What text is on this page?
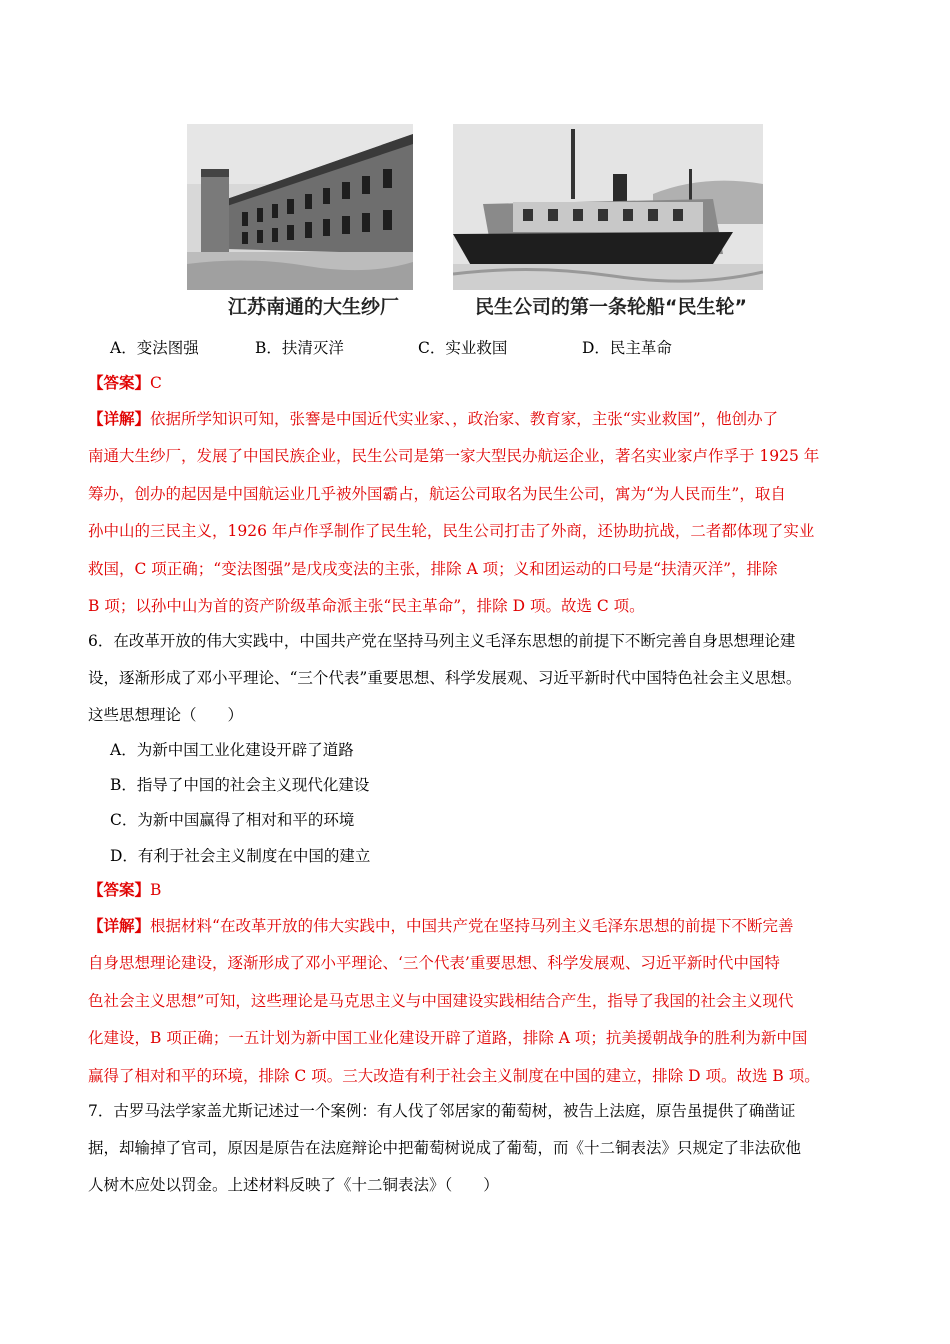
江苏南通的大生纱厂	民生公司的第一条轮船“民生轮”
A．变法图强	B．扶清灭洋	C．实业救国	D．民主革命
【答案】C
【详解】依据所学知识可知，张謇是中国近代实业家、，政治家、教育家，主张“实业救国”，他创办了
南通大生纱厂，发展了中国民族企业，民生公司是第一家大型民办航运企业，著名实业家卢作孚于 1925 年
筹办，创办的起因是中国航运业几乎被外国霸占，航运公司取名为民生公司，寓为“为人民而生”，取自
孙中山的三民主义，1926 年卢作孚制作了民生轮，民生公司打击了外商，还协助抗战，二者都体现了实业
救国，C 项正确；“变法图强”是戊戌变法的主张，排除 A 项；义和团运动的口号是“扶清灭洋”，排除
B 项；以孙中山为首的资产阶级革命派主张“民主革命”，排除 D 项。故选 C 项。
6．在改革开放的伟大实践中，中国共产党在坚持马列主义毛泽东思想的前提下不断完善自身思想理论建
设，逐渐形成了邓小平理论、“三个代表”重要思想、科学发展观、习近平新时代中国特色社会主义思想。
这些思想理论（　　）
A．为新中国工业化建设开辟了道路
B．指导了中国的社会主义现代化建设
C．为新中国赢得了相对和平的环境
D．有利于社会主义制度在中国的建立
【答案】B
【详解】根据材料“在改革开放的伟大实践中，中国共产党在坚持马列主义毛泽东思想的前提下不断完善
自身思想理论建设，逐渐形成了邓小平理论、‘三个代表’重要思想、科学发展观、习近平新时代中国特
色社会主义思想”可知，这些理论是马克思主义与中国建设实践相结合产生，指导了我国的社会主义现代
化建设，B 项正确；一五计划为新中国工业化建设开辟了道路，排除 A 项；抗美援朝战争的胜利为新中国
赢得了相对和平的环境，排除 C 项。三大改造有利于社会主义制度在中国的建立，排除 D 项。故选 B 项。
7．古罗马法学家盖尤斯记述过一个案例：有人伐了邻居家的葡萄树，被告上法庭，原告虽提供了确凿证
据，却输掉了官司，原因是原告在法庭辩论中把葡萄树说成了葡萄，而《十二铜表法》只规定了非法砍他
人树木应处以罚金。上述材料反映了《十二铜表法》（　　）
